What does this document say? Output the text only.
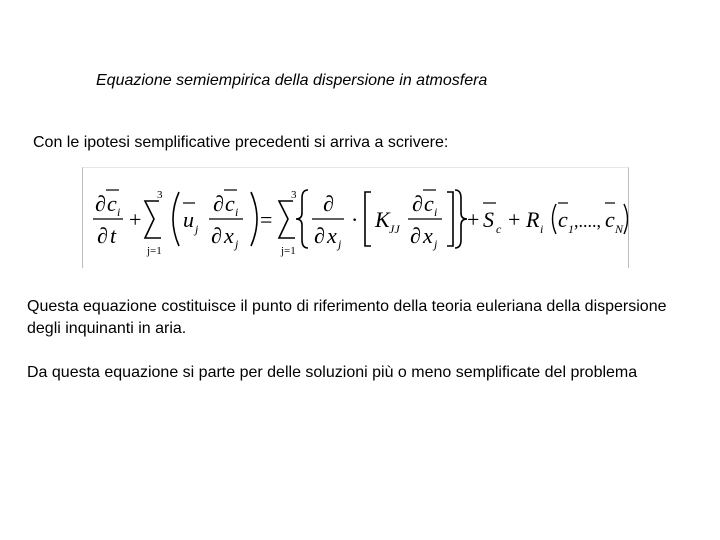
Equazione semiempirica della dispersione in atmosfera
Con le ipotesi semplificative precedenti si arriva a scrivere:
∂ c i
∂ t
+
3
j=1
u j
∂ c i
∂ x j
=
3
j=1
∂
∂ x j
· K JJ
∂ c i
∂ x j
+ S c + R i c 1 ,...., c N
Questa equazione costituisce il punto di riferimento della teoria euleriana della dispersione degli inquinanti in aria.
Da questa equazione si parte per delle soluzioni più o meno semplificate del problema
